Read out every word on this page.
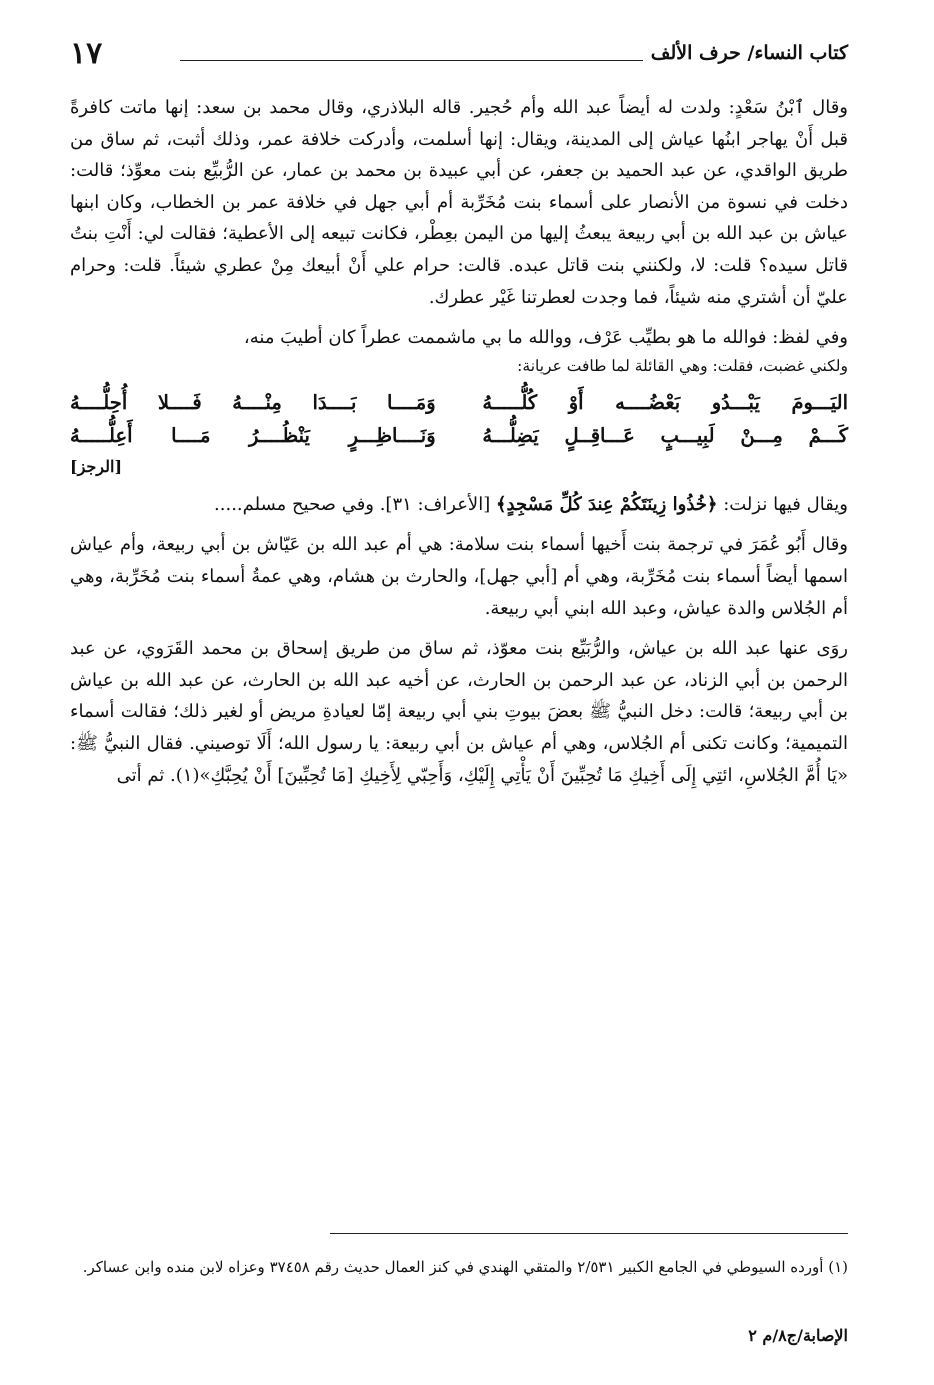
كتاب النساء/ حرف الألف
١٧

وقال ٱبْنُ سَعْدٍ: ولدت له أيضاً عبد الله وأم حُجير. قاله البلاذري، وقال محمد بن سعد: إنها ماتت كافرةً قبل أَنْ يهاجر ابنُها عياش إلى المدينة، ويقال: إنها أسلمت، وأدركت خلافة عمر، وذلك أثبت، ثم ساق من طريق الواقدي، عن عبد الحميد بن جعفر، عن أبي عبيدة بن محمد بن عمار، عن الرُّبيِّع بنت معوِّذ؛ قالت: دخلت في نسوة من الأنصار على أسماء بنت مُخَرِّبة أم أبي جهل في خلافة عمر بن الخطاب، وكان ابنها عياش بن عبد الله بن أبي ربيعة يبعثُ إليها من اليمن بعِطْر، فكانت تبيعه إلى الأعطية؛ فقالت لي: أَنْتِ بنتُ قاتل سيده؟ قلت: لا، ولكنني بنت قاتل عبده. قالت: حرام علي أَنْ أبيعك مِنْ عطري شيئاً. قلت: وحرام عليّ أن أشتري منه شيئاً، فما وجدت لعطرتنا غَيْر عطرك.

وفي لفظ: فوالله ما هو بطيِّب عَرْف، ووالله ما بي ماشممت عطراً كان أطيبَ منه،

ولكني غضبت، فقلت: وهي القائلة لما طافت عريانة:

اليَـــومَ يَبْـــدُو بَعْضُــــه أَوْ كُلُّـــــهُ
وَمَــــا بَــــدَا مِنْــــهُ فَــــلا أُحِلُّــــهُ
كَـــمْ مِـــنْ لَبِيـــبٍ عَـــاقِــلٍ يَضِلُّـــهُ
وَنَــــاظِـــرٍ يَنْظُــــرُ مَــــا أَعِلُّـــــهُ
[الرجز]

ويقال فيها نزلت: ﴿خُذُوا زِينَتَكُمْ عِندَ كُلِّ مَسْجِدٍ﴾ [الأعراف: ٣١]. وفي صحيح مسلم.....

وقال أَبُو عُمَرَ في ترجمة بنت أَخيها أسماء بنت سلامة: هي أم عبد الله بن عَيّاش بن أبي ربيعة، وأم عياش اسمها أيضاً أسماء بنت مُخَرِّبة، وهي أم [أبي جهل]، والحارث بن هشام، وهي عمةُ أسماء بنت مُخَرِّبة، وهي أم الجُلاس والدة عياش، وعبد الله ابني أبي ربيعة.

روَى عنها عبد الله بن عياش، والرُّبَيِّع بنت معوّذ، ثم ساق من طريق إسحاق بن محمد القَرَوي، عن عبد الرحمن بن أبي الزناد، عن عبد الرحمن بن الحارث، عن أخيه عبد الله بن الحارث، عن عبد الله بن عياش بن أبي ربيعة؛ قالت: دخل النبيُّ ﷺ بعضَ بيوتِ بني أبي ربيعة إمّا لعيادةِ مريض أو لغير ذلك؛ فقالت أسماء التميمية؛ وكانت تكنى أم الجُلاس، وهي أم عياش بن أبي ربيعة: يا رسول الله؛ أَلَا توصيني. فقال النبيُّ ﷺ: «يَا أُمَّ الجُلاسِ، ائتِي إِلَى أَخِيكِ مَا تُحِبِّينَ أَنْ يَأْتِي إِلَيْكِ، وَأَحِبّي لِأَخِيكِ [مَا تُحِبِّينَ] أَنْ يُحِبَّكِ»(١). ثم أتى

(١) أورده السيوطي في الجامع الكبير ٢/٥٣١ والمتقي الهندي في كنز العمال حديث رقم ٣٧٤٥٨ وعزاه لابن منده وابن عساكر.

الإصابة/ج٨/م ٢
